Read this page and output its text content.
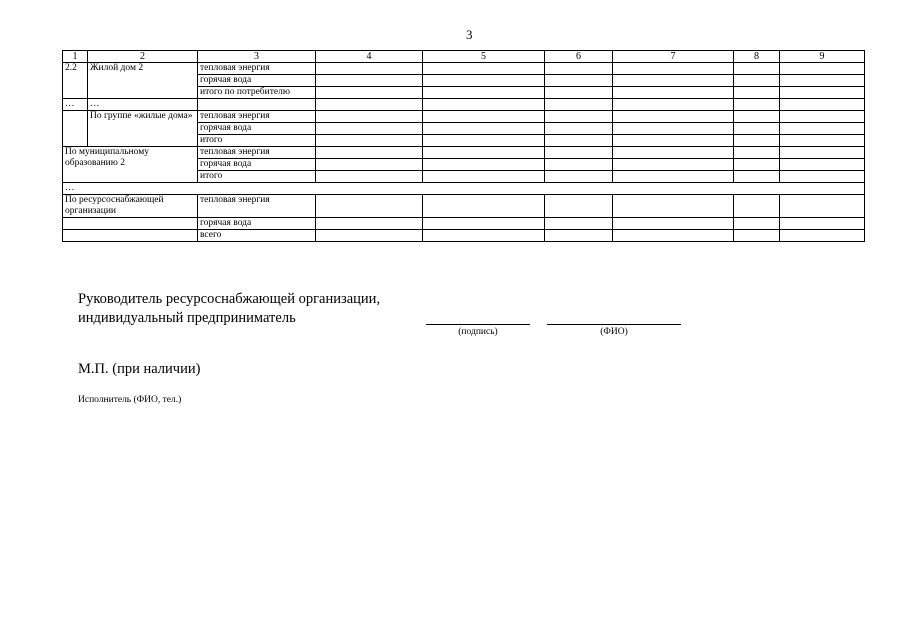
3
1	2	3	4	5	6	7	8	9
2.2	Жилой дом 2	тепловая энергия						
		горячая вода						
		итого по потребителю						
…	…							
	По группе «жилые дома»	тепловая энергия						
		горячая вода						
		итого						
По муниципальному образованию 2		тепловая энергия						
		горячая вода						
		итого						
…								
По ресурсоснабжающей организации		тепловая энергия						
		горячая вода						
		всего						
Руководитель ресурсоснабжающей организации,
индивидуальный предприниматель
(подпись)	(ФИО)
М.П. (при наличии)
Исполнитель (ФИО, тел.)
